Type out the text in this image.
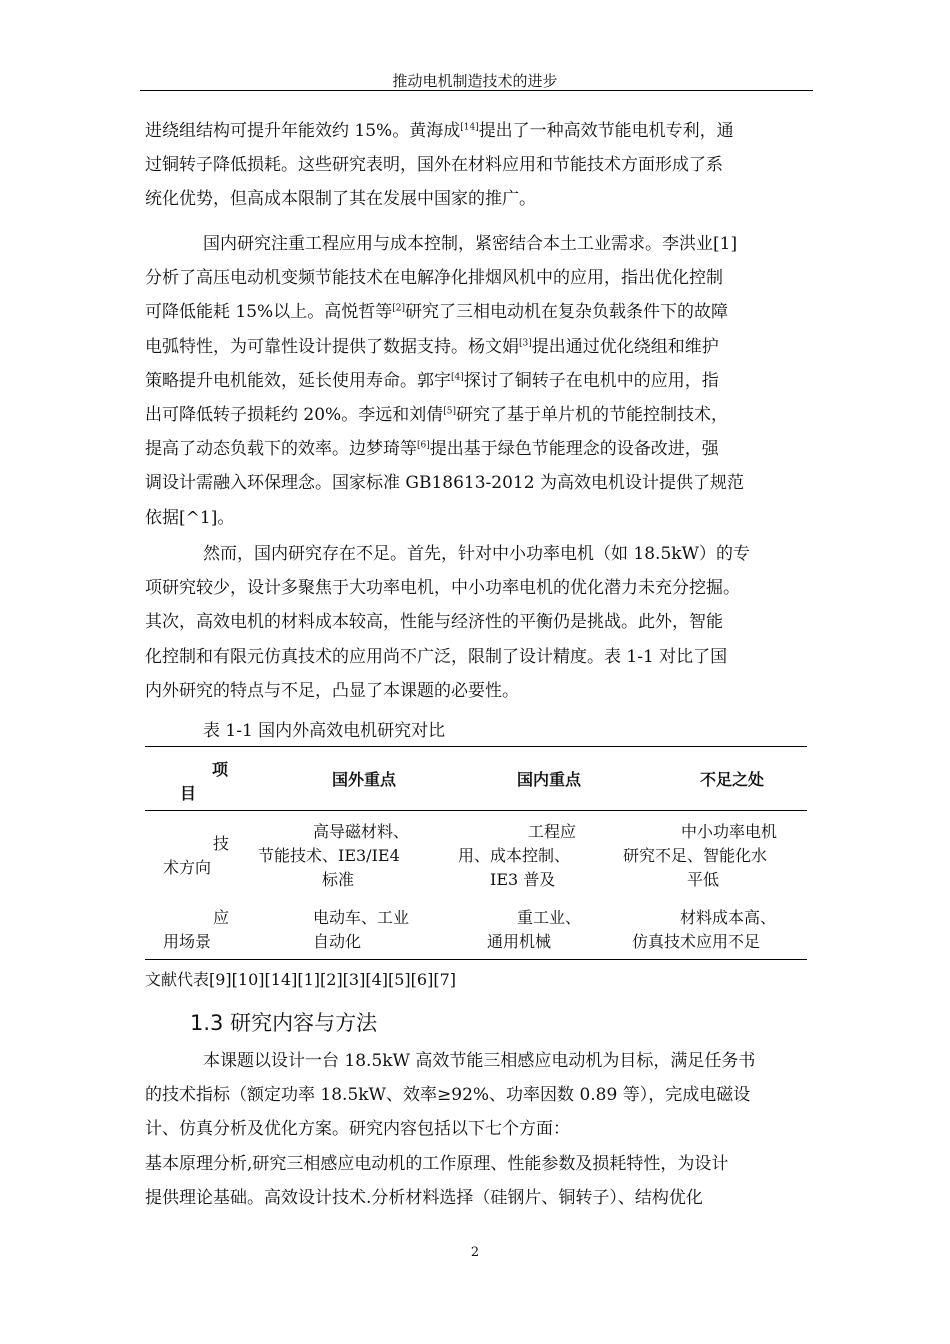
推动电机制造技术的进步
进绕组结构可提升年能效约 15%。黄海成[14]提出了一种高效节能电机专利，通
过铜转子降低损耗。这些研究表明，国外在材料应用和节能技术方面形成了系
统化优势，但高成本限制了其在发展中国家的推广。
国内研究注重工程应用与成本控制，紧密结合本土工业需求。李洪业[1]
分析了高压电动机变频节能技术在电解净化排烟风机中的应用，指出优化控制
可降低能耗 15%以上。高悦哲等[2]研究了三相电动机在复杂负载条件下的故障
电弧特性，为可靠性设计提供了数据支持。杨文娟[3]提出通过优化绕组和维护
策略提升电机能效，延长使用寿命。郭宇[4]探讨了铜转子在电机中的应用，指
出可降低转子损耗约 20%。李远和刘倩[5]研究了基于单片机的节能控制技术，
提高了动态负载下的效率。边梦琦等[6]提出基于绿色节能理念的设备改进，强
调设计需融入环保理念。国家标准 GB18613-2012 为高效电机设计提供了规范
依据[^1]。
然而，国内研究存在不足。首先，针对中小功率电机（如 18.5kW）的专
项研究较少，设计多聚焦于大功率电机，中小功率电机的优化潜力未充分挖掘。
其次，高效电机的材料成本较高，性能与经济性的平衡仍是挑战。此外，智能
化控制和有限元仿真技术的应用尚不广泛，限制了设计精度。表 1-1 对比了国
内外研究的特点与不足，凸显了本课题的必要性。
表 1-1 国内外高效电机研究对比
项
目
国外重点	国内重点	不足之处
技
术方向
高导磁材料、
节能技术、IE3/IE4
标准
工程应
用、成本控制、
IE3 普及
中小功率电机
研究不足、智能化水
平低
应
用场景
电动车、工业
自动化
重工业、
通用机械
材料成本高、
仿真技术应用不足
文献代表[9][10][14][1][2][3][4][5][6][7]
1.3 研究内容与方法
本课题以设计一台 18.5kW 高效节能三相感应电动机为目标，满足任务书
的技术指标（额定功率 18.5kW、效率≥92%、功率因数 0.89 等），完成电磁设
计、仿真分析及优化方案。研究内容包括以下七个方面：
基本原理分析,研究三相感应电动机的工作原理、性能参数及损耗特性，为设计
提供理论基础。高效设计技术.分析材料选择（硅钢片、铜转子）、结构优化
2
